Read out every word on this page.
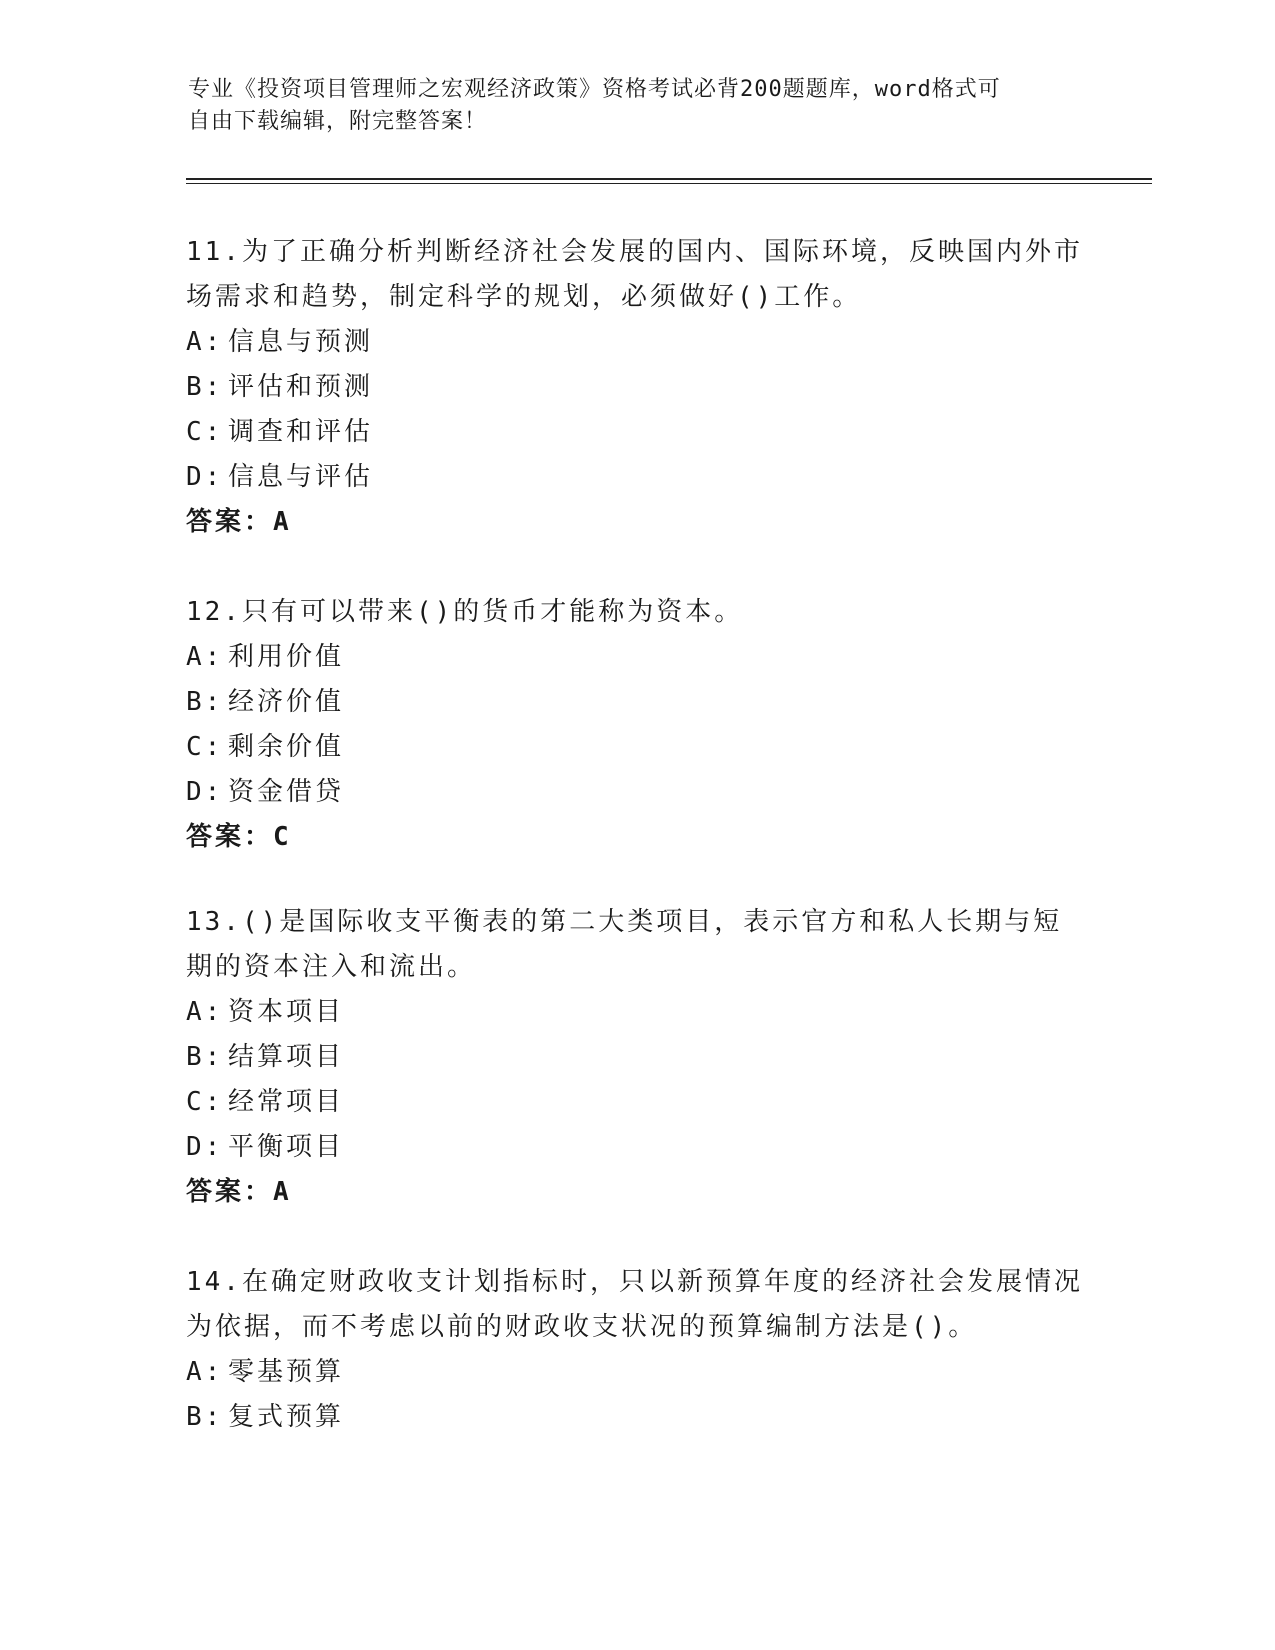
专业《投资项目管理师之宏观经济政策》资格考试必背200题题库，word格式可
自由下载编辑，附完整答案！

11.为了正确分析判断经济社会发展的国内、国际环境，反映国内外市场需求和趋势，制定科学的规划，必须做好()工作。

A: 信息与预测
B: 评估和预测
C: 调查和评估
D: 信息与评估
答案：A

12.只有可以带来()的货币才能称为资本。

A: 利用价值
B: 经济价值
C: 剩余价值
D: 资金借贷
答案：C

13.()是国际收支平衡表的第二大类项目，表示官方和私人长期与短期的资本注入和流出。

A: 资本项目
B: 结算项目
C: 经常项目
D: 平衡项目
答案：A

14.在确定财政收支计划指标时，只以新预算年度的经济社会发展情况为依据，而不考虑以前的财政收支状况的预算编制方法是()。

A: 零基预算
B: 复式预算
